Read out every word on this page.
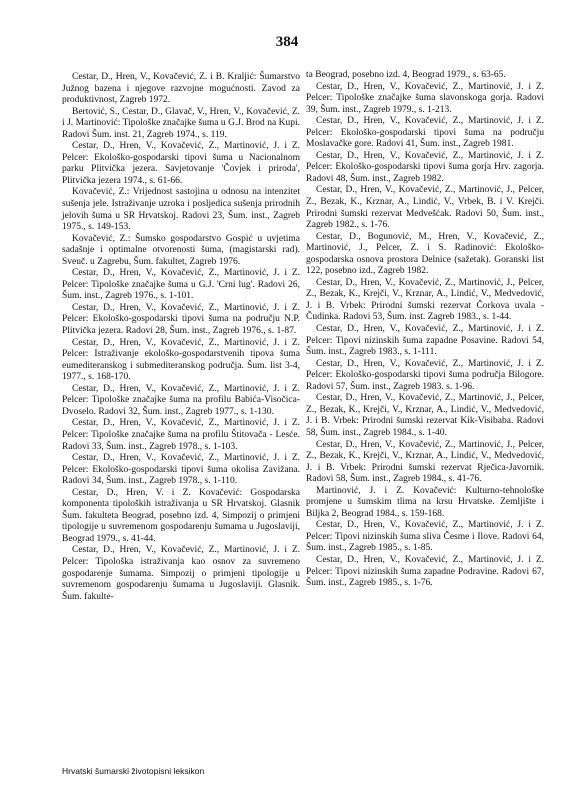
384

Cestar, D., Hren, V., Kovačević, Z. i B. Kraljić: Šumarstvo Južnog bazena i njegove razvojne mogućnosti. Zavod za produktivnost, Zagreb 1972.

Bertović, S., Cestar, D., Glavač, V., Hren, V., Kovačević, Z. i J. Martinović: Tipološke značajke šuma u G.J. Brod na Kupi. Radovi Šum. inst. 21, Zagreb 1974., s. 119.

Cestar, D., Hren, V., Kovačević, Z., Martinović, J. i Z. Pelcer: Ekološko-gospodarski tipovi šuma u Nacionalnom parku Plitvička jezera. Savjetovanje 'Čovjek i priroda', Plitvička jezera 1974., s. 61-66.

Kovačević, Z.: Vrijednost sastojina u odnosu na intenzitet sušenja jele. Istraživanje uzroka i posljedica sušenja prirodnih jelovih šuma u SR Hrvatskoj. Radovi 23, Šum. inst., Zagreb 1975., s. 149-153.

Kovačević, Z.: Šumsko gospodarstvo Gospić u uvjetima sadašnje i optimalne otvorenosti šuma, (magistarski rad). Sveuč. u Zagrebu, Šum. fakultet, Zagreb 1976.

Cestar, D., Hren, V., Kovačević, Z., Martinović, J. i Z. Pelcer: Tipološke značajke šuma u G.J. 'Crni lug'. Radovi 26, Šum. inst., Zagreb 1976., s. 1-101.

Cestar, D., Hren, V., Kovačević, Z., Martinović, J. i Z. Pelcer: Ekološko-gospodarski tipovi šuma na području N.P. Plitvička jezera. Radovi 28, Šum. inst., Zagreb 1976., s. 1-87.

Cestar, D., Hren, V., Kovačević, Z., Martinović, J. i Z. Pelcer: Istraživanje ekološko-gospodarstvenih tipova šuma eumediteranskog i submediteranskog područja. Šum. list 3-4, 1977., s. 168-170.

Cestar, D., Hren, V., Kovačević, Z., Martinović, J. i Z. Pelcer: Tipološke značajke šuma na profilu Babića-Visočica-Dvoselo. Radovi 32, Šum. inst., Zagreb 1977., s. 1-130.

Cestar, D., Hren, V., Kovačević, Z., Martinović, J. i Z. Pelcer: Tipološke značajke šuma na profilu Štitovača - Lesće. Radovi 33, Šum. inst., Zagreb 1978., s. 1-103.

Cestar, D., Hren, V., Kovačević, Z., Martinović, J. i Z. Pelcer: Ekološko-gospodarski tipovi šuma okolisa Zavižana. Radovi 34, Šum. inst., Zagreb 1978., s. 1-110.

Cestar, D., Hren, V. i Z. Kovačević: Gospodarska komponenta tipoloških istraživanja u SR Hrvatskoj. Glasnik Šum. fakulteta Beograd, posebno izd. 4, Simpozij o primjeni tipologije u suvremenom gospodarenju šumama u Jugoslaviji, Beograd 1979., s. 41-44.

Cestar, D., Hren, V., Kovačević, Z., Martinović, J. i Z. Pelcer: Tipološka istraživanja kao osnov za suvremeno gospodarenje šumama. Simpozij o primjeni tipologije u suvremenom gospodarenju šumama u Jugoslaviji. Glasnik. Šum. fakulte-

ta Beograd, posebno izd. 4, Beograd 1979., s. 63-65.

Cestar, D., Hren, V., Kovačević, Z., Martinović, J. i Z. Pelcer: Tipološke značajke šuma slavonskoga gorja. Radovi 39, Šum. inst., Zagreb 1979., s. 1-213.

Cestar, D., Hren, V., Kovačević, Z., Martinović, J. i Z. Pelcer: Ekološko-gospodarski tipovi šuma na području Moslavačke gore. Radovi 41, Šum. inst., Zagreb 1981.

Cestar, D., Hren, V., Kovačević, Z., Martinović, J. i Z. Pelcer: Ekološko-gospodarski tipovi šuma gorja Hrv. zagorja. Radovi 48, Šum. inst., Zagreb 1982.

Cestar, D., Hren, V., Kovačević, Z., Martinović, J., Pelcer, Z., Bezak, K., Krznar, A., Lindić, V., Vrbek, B. i V. Krejči. Prirodni šumski rezervat Medvešćak. Radovi 50, Šum. inst., Zagreb 1982., s. 1-76.

Cestar, D., Bogunović, M., Hren, V., Kovačević, Z., Martinović, J., Pelcer, Z. i S. Radinović: Ekološko-gospodarska osnova prostora Delnice (sažetak). Goranski list 122, posebno izd., Zagreb 1982.

Cestar, D., Hren, V., Kovačević, Z., Martinović, J., Pelcer, Z., Bezak, K., Krejči, V., Krznar, A., Lindić, V., Medvedović, J. i B. Vrbek: Prirodni šumski rezervat Čorkova uvala - Čudinka. Radovi 53, Šum. inst. Zagreb 1983., s. 1-44.

Cestar, D., Hren, V., Kovačević, Z., Martinović, J. i Z. Pelcer: Tipovi nizinskih šuma zapadne Posavine. Radovi 54, Šum. inst., Zagreb 1983., s. 1-111.

Cestar, D., Hren, V., Kovačević, Z., Martinović, J. i Z. Pelcer: Ekološko-gospodarski tipovi šuma područja Bilogore. Radovi 57, Šum. inst., Zagreb 1983. s. 1-96.

Cestar, D., Hren, V., Kovačević, Z., Martinović, J., Pelcer, Z., Bezak, K., Krejči, V., Krznar, A., Lindić, V., Medvedović, J. i B. Vrbek: Prirodni šumski rezervat Kik-Visibaba. Radovi 58, Šum. inst., Zagreb 1984., s. 1-40.

Cestar, D., Hren, V., Kovačević, Z., Martinović, J., Pelcer, Z., Bezak, K., Krejči, V., Krznar, A., Lindić, V., Medvedović, J. i B. Vrbek: Prirodni šumski rezervat Rječica-Javornik. Radovi 58, Šum. inst., Zagreb 1984., s. 41-76.

Martinović, J. i Z. Kovačević: Kulturno-tehnološke promjene u šumskim tlima na krsu Hrvatske. Zemljište i Biljka 2, Beograd 1984., s. 159-168.

Cestar, D., Hren, V., Kovačević, Z., Martinović, J. i Z. Pelcer: Tipovi nizinskih šuma sliva Česme i Ilove. Radovi 64, Šum. inst., Zagreb 1985., s. 1-85.

Cestar, D., Hren, V., Kovačević, Z., Martinović, J. i Z. Pelcer: Tipovi nizinskih šuma zapadne Podravine. Radovi 67, Šum. inst., Zagreb 1985., s. 1-76.

Hrvatski šumarski životopisni leksikon
